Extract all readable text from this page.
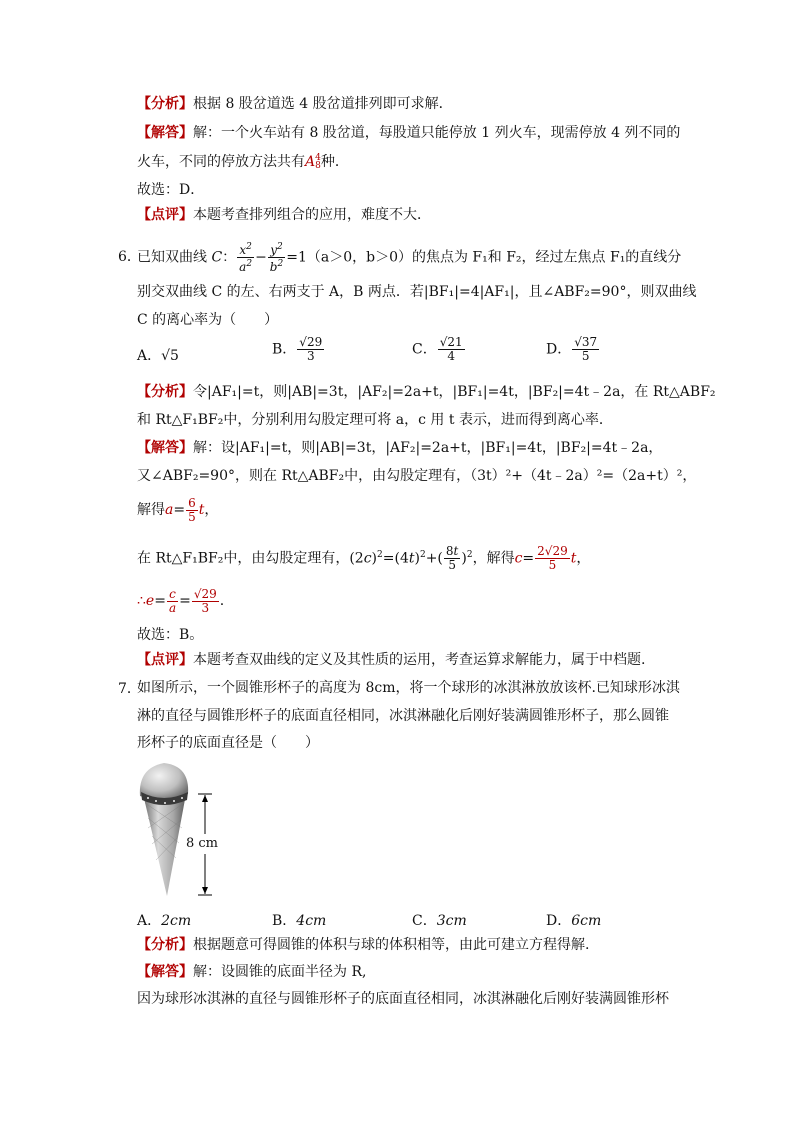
【分析】根据 8 股岔道选 4 股岔道排列即可求解．
【解答】解：一个火车站有 8 股岔道，每股道只能停放 1 列火车，现需停放 4 列不同的
火车，不同的停放方法共有A 4
8 种．
故选：D．
【点评】本题考查排列组合的应用，难度不大．
6．
已知双曲线 C： $\frac{x^2}{a^2} - \frac{y^2}{b^2} =1(a>0$，b＞0）的焦点为 F₁和 F₂，经过左焦点 F₁的直线分
别交双曲线 C 的左、右两支于 A，B 两点．若|BF₁|=4|AF₁|，且∠ABF₂=90°，则双曲线
C 的离心率为（　　）
A．√5	B． $\frac{√29}{3}$	C． $\frac{√21}{4}$	D． $\frac{√37}{5}$
【分析】令|AF₁|=t，则|AB|=3t，|AF₂|=2a+t，|BF₁|=4t，|BF₂|=4t﹣2a，在 Rt△ABF₂
和 Rt△F₁BF₂中，分别利用勾股定理可将 a，c 用 t 表示，进而得到离心率．
【解答】解：设|AF₁|=t，则|AB|=3t，|AF₂|=2a+t，|BF₁|=4t，|BF₂|=4t﹣2a，
又∠ABF₂=90°，则在 Rt△ABF₂中，由勾股定理有，（3t）²+（4t﹣2a）²=（2a+t）²，
解得$a= \frac{6}{5}$ t，
在 Rt△F₁BF₂中，由勾股定理有，$(2c)^2=(4t)^2+( \frac{8t}{5} )^2$，解得$c= \frac{2√29}{5}$ t，
∴e= $\frac{c}{a} = \frac{√29}{3}$ .
故选：B。
【点评】本题考查双曲线的定义及其性质的运用，考查运算求解能力，属于中档题.
7．
如图所示，一个圆锥形杯子的高度为 8cm，将一个球形的冰淇淋放放该杯.已知球形冰淇
淋的直径与圆锥形杯子的底面直径相同，冰淇淋融化后刚好装满圆锥形杯子，那么圆锥
形杯子的底面直径是（　　）
8 cm
A．2cm	B．4cm	C．3cm	D．6cm
【分析】根据题意可得圆锥的体积与球的体积相等，由此可建立方程得解.
【解答】解：设圆锥的底面半径为 R,
因为球形冰淇淋的直径与圆锥形杯子的底面直径相同，冰淇淋融化后刚好装满圆锥形杯
